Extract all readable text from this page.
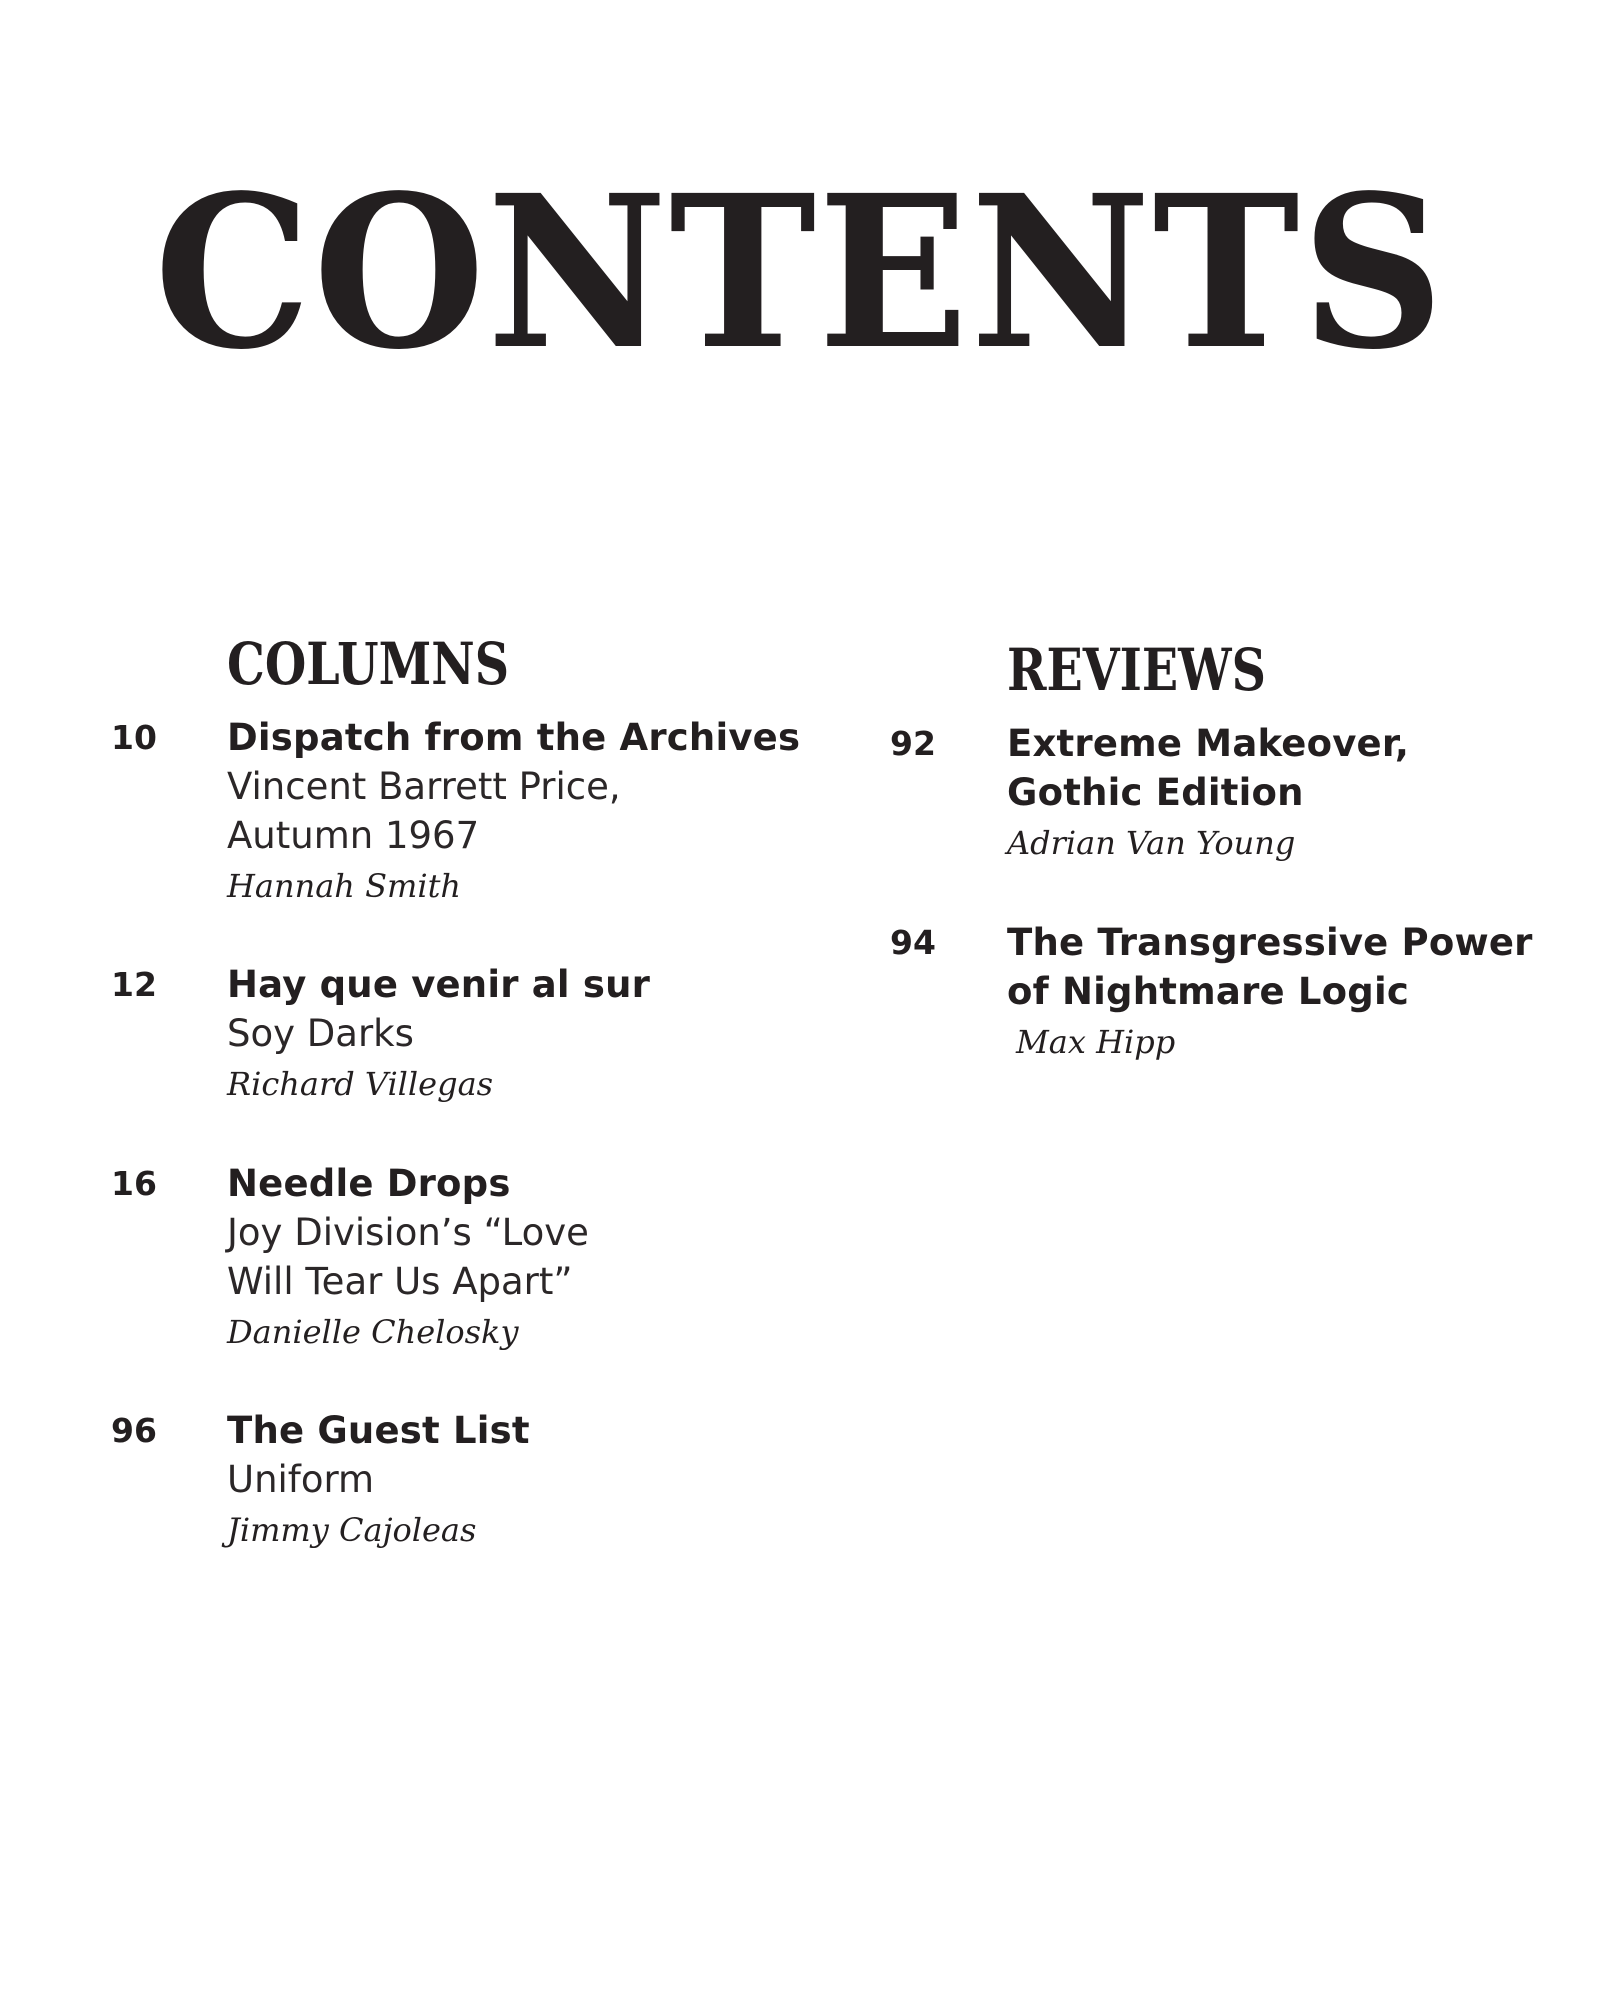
CONTENTS
COLUMNS
10 Dispatch from the Archives
Vincent Barrett Price,
Autumn 1967
Hannah Smith
12 Hay que venir al sur
Soy Darks
Richard Villegas
16 Needle Drops
Joy Division’s “Love
Will Tear Us Apart”
Danielle Chelosky
96 The Guest List
Uniform
Jimmy Cajoleas
REVIEWS
92 Extreme Makeover,
Gothic Edition
Adrian Van Young
94 The Transgressive Power
of Nightmare Logic
Max Hipp
